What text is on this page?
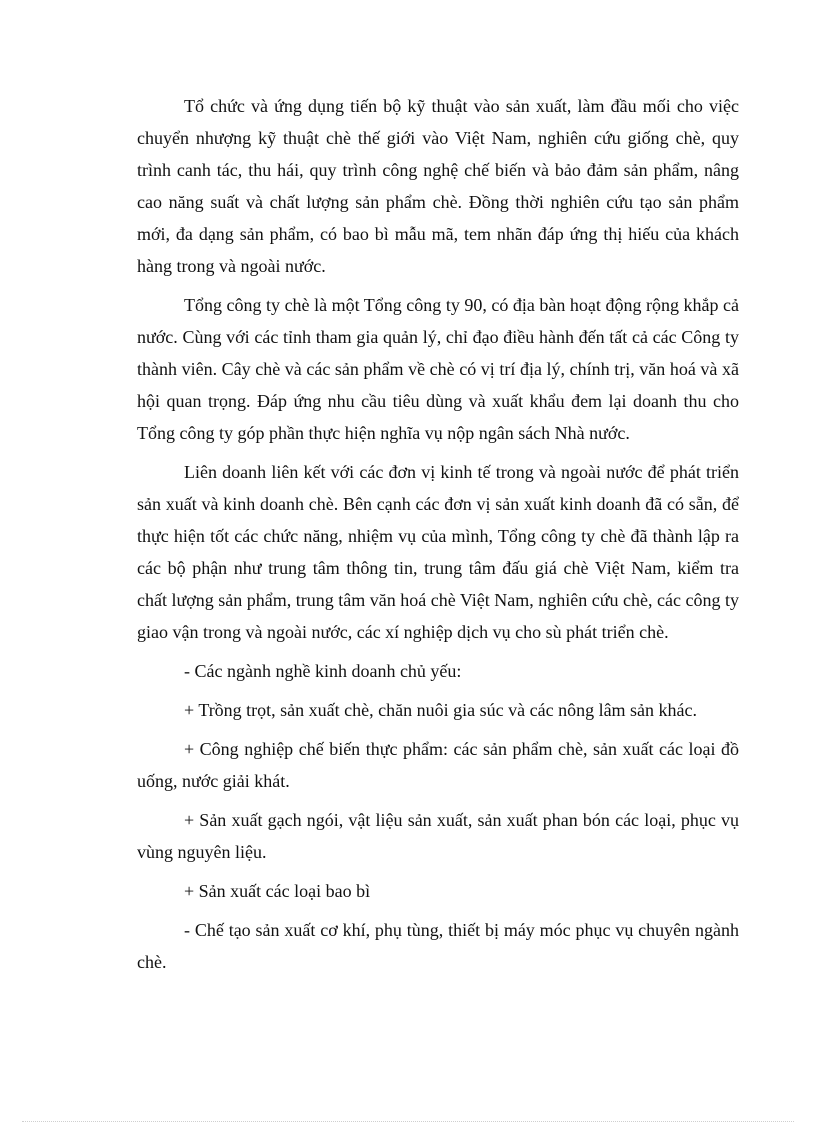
Tổ chức và ứng dụng tiến bộ kỹ thuật vào sản xuất, làm đầu mối cho việc chuyển nhượng kỹ thuật chè thế giới vào Việt Nam, nghiên cứu giống chè, quy trình canh tác, thu hái, quy trình công nghệ chế biến và bảo đảm sản phẩm, nâng cao năng suất và chất lượng sản phẩm chè. Đồng thời nghiên cứu tạo sản phẩm mới, đa dạng sản phẩm, có bao bì mẫu mã, tem nhãn đáp ứng thị hiếu của khách hàng trong và ngoài nước.

Tổng công ty chè là một Tổng công ty 90, có địa bàn hoạt động rộng khắp cả nước. Cùng với các tỉnh tham gia quản lý, chỉ đạo điều hành đến tất cả các Công ty thành viên. Cây chè và các sản phẩm về chè có vị trí địa lý, chính trị, văn hoá và xã hội quan trọng. Đáp ứng nhu cầu tiêu dùng và xuất khẩu đem lại doanh thu cho Tổng công ty góp phần thực hiện nghĩa vụ nộp ngân sách Nhà nước.

Liên doanh liên kết với các đơn vị kinh tế trong và ngoài nước để phát triển sản xuất và kinh doanh chè. Bên cạnh các đơn vị sản xuất kinh doanh đã có sẵn, để thực hiện tốt các chức năng, nhiệm vụ của mình, Tổng công ty chè đã thành lập ra các bộ phận như trung tâm thông tin, trung tâm đấu giá chè Việt Nam, kiểm tra chất lượng sản phẩm, trung tâm văn hoá chè Việt Nam, nghiên cứu chè, các công ty giao vận trong và ngoài nước, các xí nghiệp dịch vụ cho sù phát triển chè.

- Các ngành nghề kinh doanh chủ yếu:

+ Trồng trọt, sản xuất chè, chăn nuôi gia súc và các nông lâm sản khác.

+ Công nghiệp chế biến thực phẩm: các sản phẩm chè, sản xuất các loại đồ uống, nước giải khát.

+ Sản xuất gạch ngói, vật liệu sản xuất, sản xuất phan bón các loại, phục vụ vùng nguyên liệu.

+ Sản xuất các loại bao bì

- Chế tạo sản xuất cơ khí, phụ tùng, thiết bị máy móc phục vụ chuyên ngành chè.
